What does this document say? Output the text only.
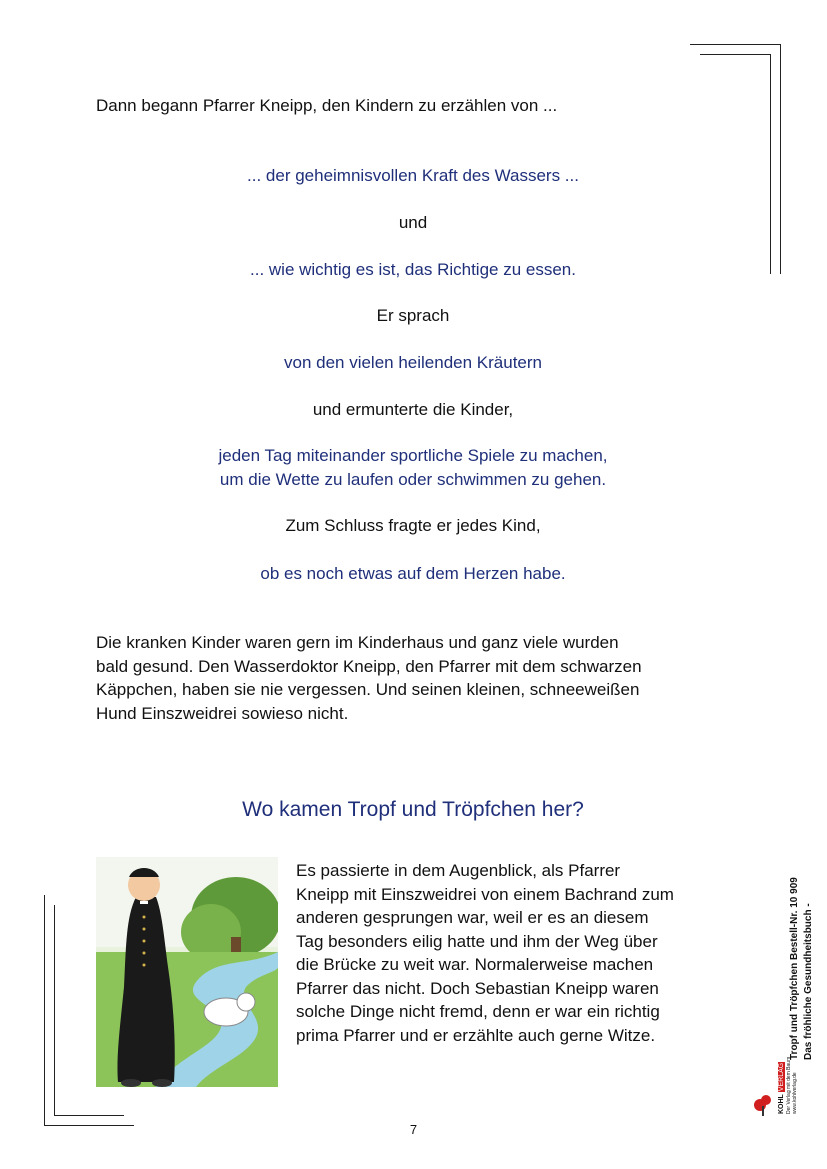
Dann begann Pfarrer Kneipp, den Kindern zu erzählen von ...
... der geheimnisvollen Kraft des Wassers ...
und
... wie wichtig es ist, das Richtige zu essen.
Er sprach
von den vielen heilenden Kräutern
und ermunterte die Kinder,
jeden Tag miteinander sportliche Spiele zu machen,
um die Wette zu laufen oder schwimmen zu gehen.
Zum Schluss fragte er jedes Kind,
ob es noch etwas auf dem Herzen habe.
Die kranken Kinder waren gern im Kinderhaus und ganz viele wurden
bald gesund. Den Wasserdoktor Kneipp, den Pfarrer mit dem schwarzen
Käppchen, haben sie nie vergessen. Und seinen kleinen, schneeweißen
Hund Einszweidrei sowieso nicht.
Wo kamen Tropf und Tröpfchen her?
Es passierte in dem Augenblick, als Pfarrer
Kneipp mit Einszweidrei von einem Bachrand zum
anderen gesprungen war, weil er es an diesem
Tag besonders eilig hatte und ihm der Weg über
die Brücke zu weit war. Normalerweise machen
Pfarrer das nicht. Doch Sebastian Kneipp waren
solche Dinge nicht fremd, denn er war ein richtig
prima Pfarrer und er erzählte auch gerne Witze.	Tropf und Tröpfchen Bestell-Nr. 10 909 Das fröhliche Gesundheitsbuch -
KOHL VERLAG Der Verlag mit dem Baum www.kohlverlag.de
7
